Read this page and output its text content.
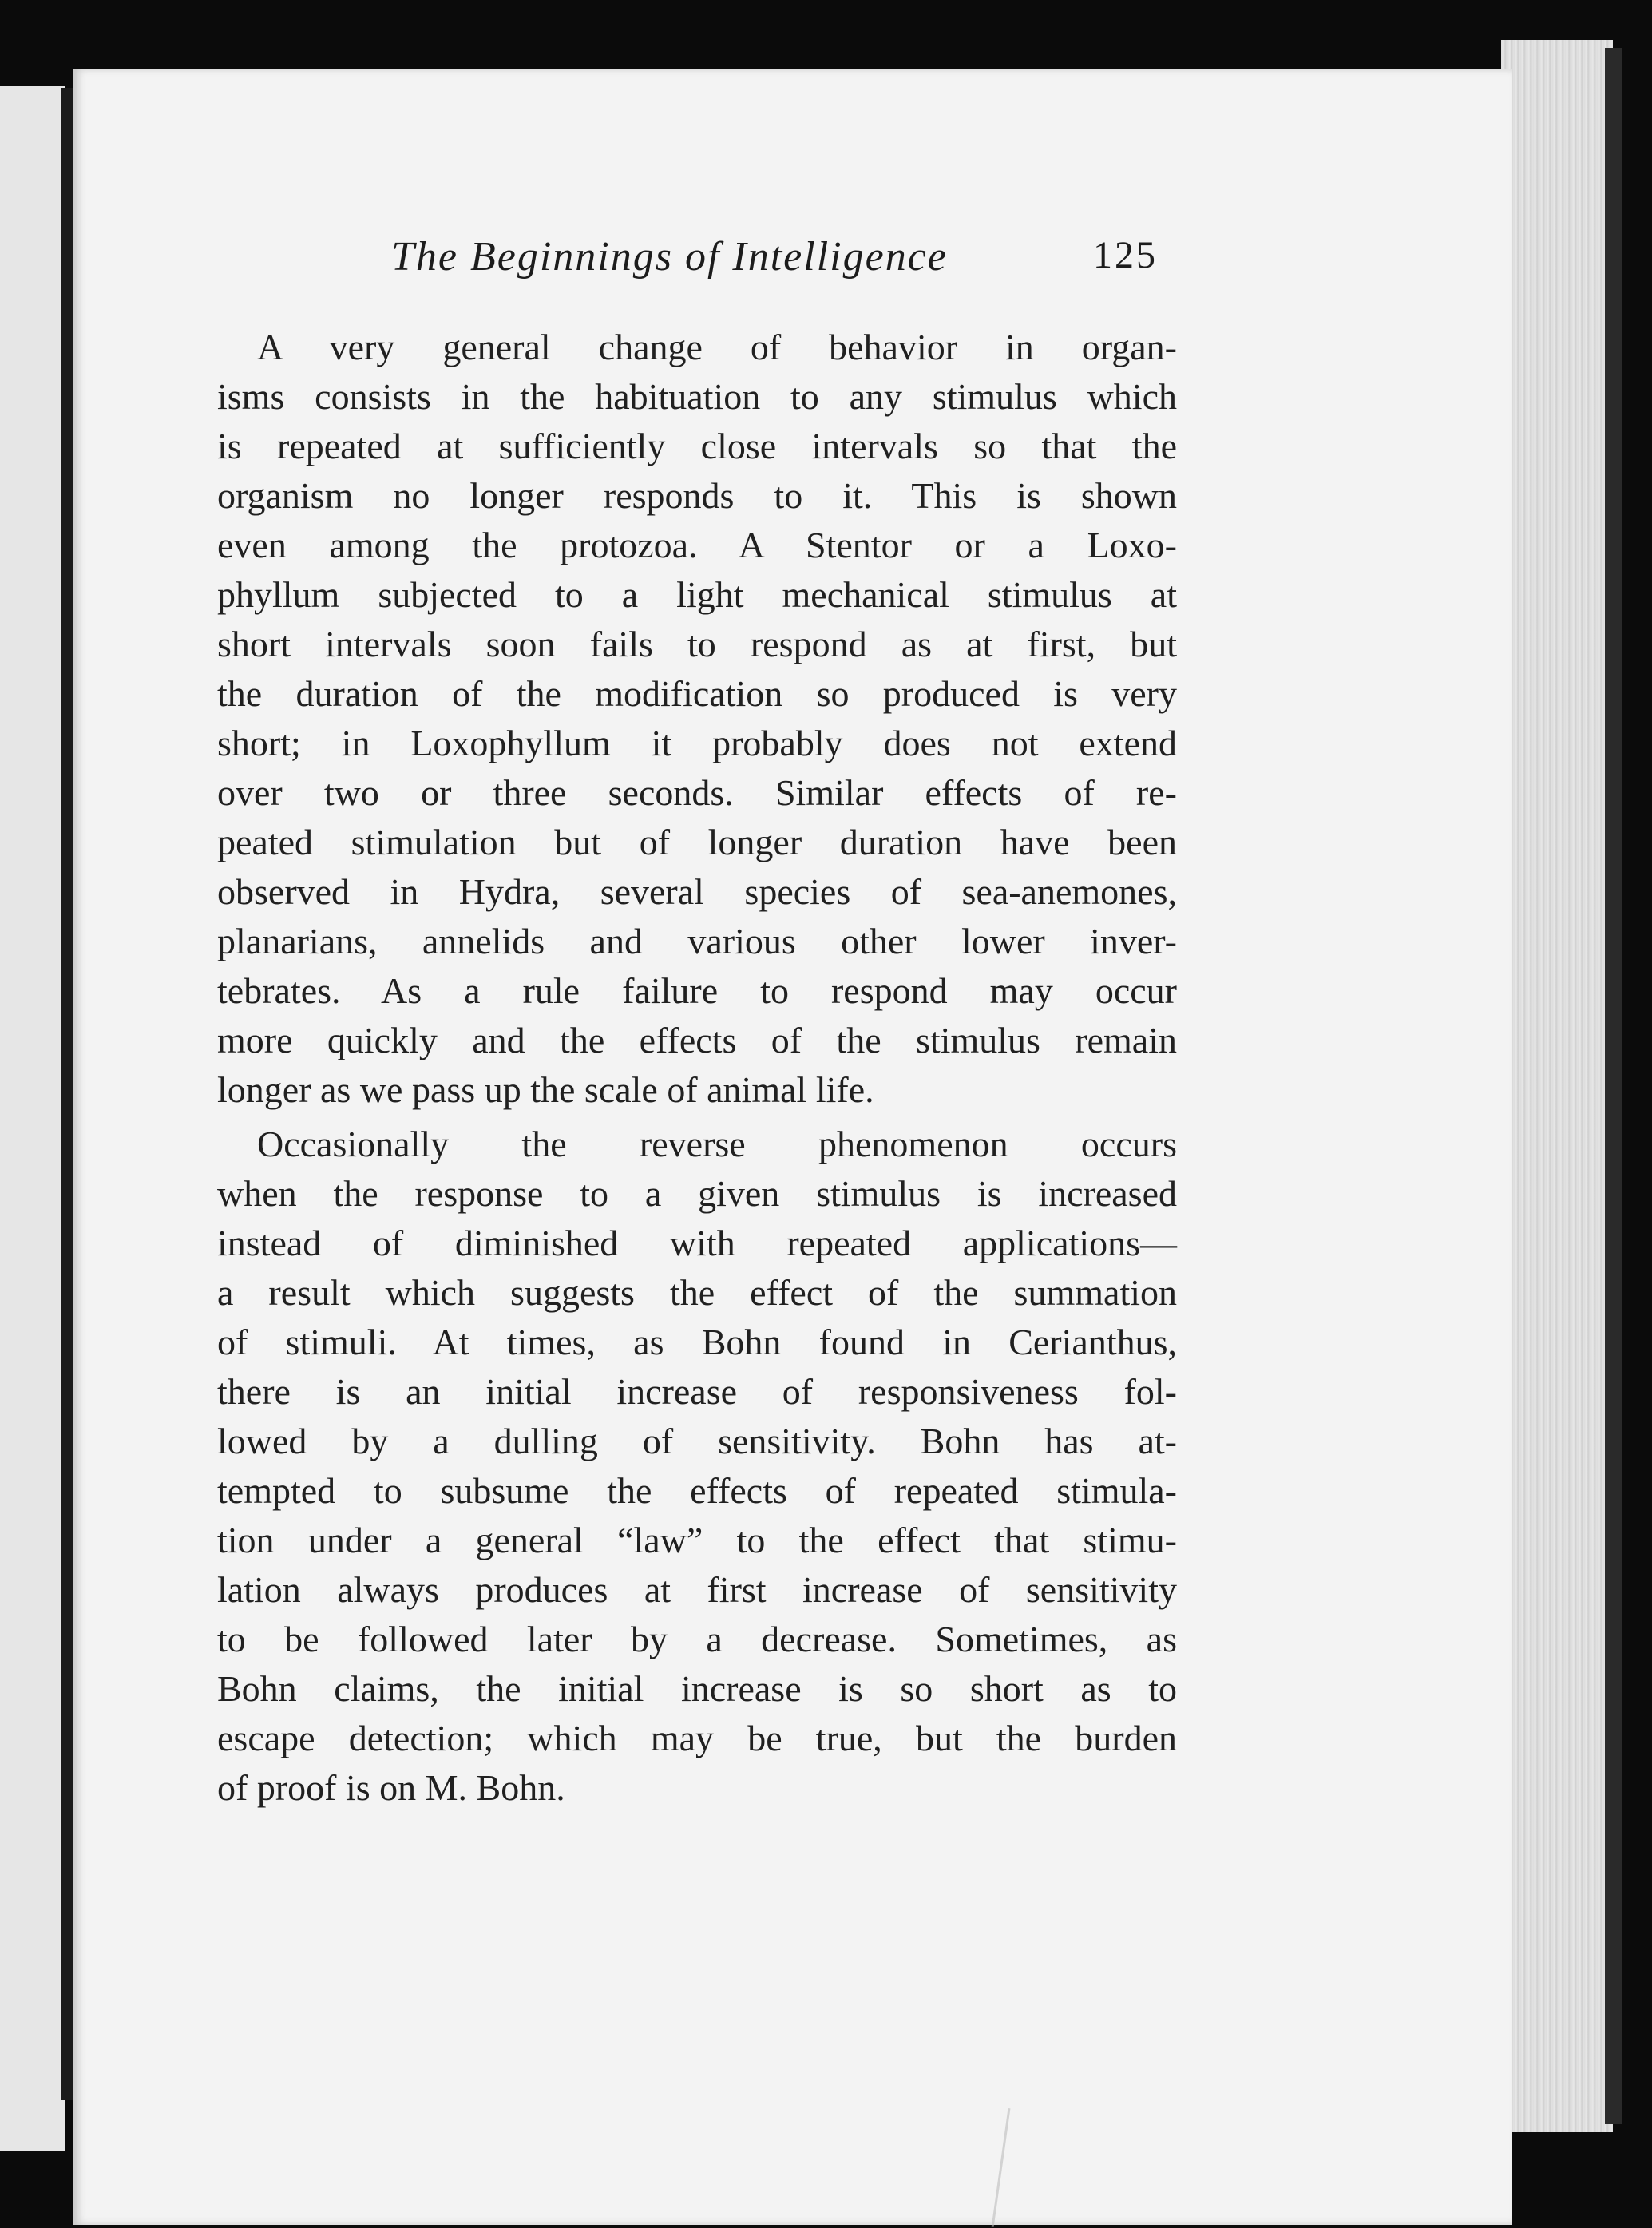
The Beginnings of Intelligence	125

A very general change of behavior in organ-
isms consists in the habituation to any stimulus which
is repeated at sufficiently close intervals so that the
organism no longer responds to it. This is shown
even among the protozoa. A Stentor or a Loxo-
phyllum subjected to a light mechanical stimulus at
short intervals soon fails to respond as at first, but
the duration of the modification so produced is very
short; in Loxophyllum it probably does not extend
over two or three seconds. Similar effects of re-
peated stimulation but of longer duration have been
observed in Hydra, several species of sea-anemones,
planarians, annelids and various other lower inver-
tebrates. As a rule failure to respond may occur
more quickly and the effects of the stimulus remain
longer as we pass up the scale of animal life.

Occasionally the reverse phenomenon occurs
when the response to a given stimulus is increased
instead of diminished with repeated applications—
a result which suggests the effect of the summation
of stimuli. At times, as Bohn found in Cerianthus,
there is an initial increase of responsiveness fol-
lowed by a dulling of sensitivity. Bohn has at-
tempted to subsume the effects of repeated stimula-
tion under a general “law” to the effect that stimu-
lation always produces at first increase of sensitivity
to be followed later by a decrease. Sometimes, as
Bohn claims, the initial increase is so short as to
escape detection; which may be true, but the burden
of proof is on M. Bohn.
